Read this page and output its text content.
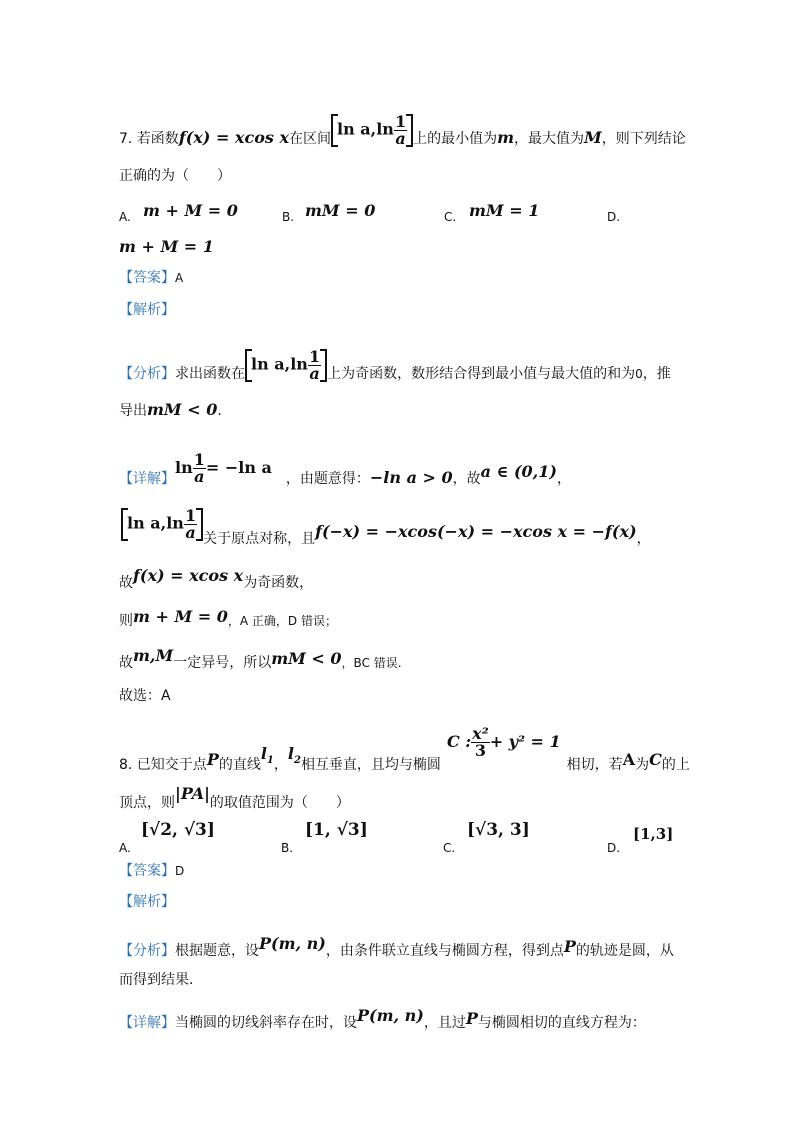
7. 若函数f(x) = xcos x在区间$\ln a,\ln \frac{1}{a}$ 上的最小值为m，最大值为M，则下列结论
正确的为（　　）
A. m + M = 0	B. mM = 0	C. mM = 1	D.
m + M = 1
【答案】A
【解析】
【分析】求出函数在$\ln a,\ln \frac{1}{a}$ 上为奇函数，数形结合得到最小值与最大值的和为0，推
导出mM < 0.
【详解】$\ln \frac{1}{a} = -\ln$ a，由题意得：−ln a > 0，故a ∈ (0,1)，
$\ln a,\ln \frac{1}{a}$ 关于原点对称，且f(−x) = −xcos(−x) = −xcos x = −f(x)，
故f(x) = xcos x为奇函数，
则m + M = 0，A 正确，D 错误；
故m,M一定异号，所以mM < 0，BC 错误.
故选：A
8. 已知交于点P的直线$l_1$，$l_2$相互垂直，且均与椭圆C : $\frac{\text{x²}}{3} + y^2 = 1$相切，若A为C的上
顶点，则|PA|的取值范围为（　　）
A.
[√2, √3]
B.
[1, √3]
C.
[√3, 3]
D.
[1,3]
【答案】D
【解析】
【分析】根据题意，设P(m, n)，由条件联立直线与椭圆方程，得到点P的轨迹是圆，从
而得到结果.
【详解】当椭圆的切线斜率存在时，设P(m, n)，且过P与椭圆相切的直线方程为：
